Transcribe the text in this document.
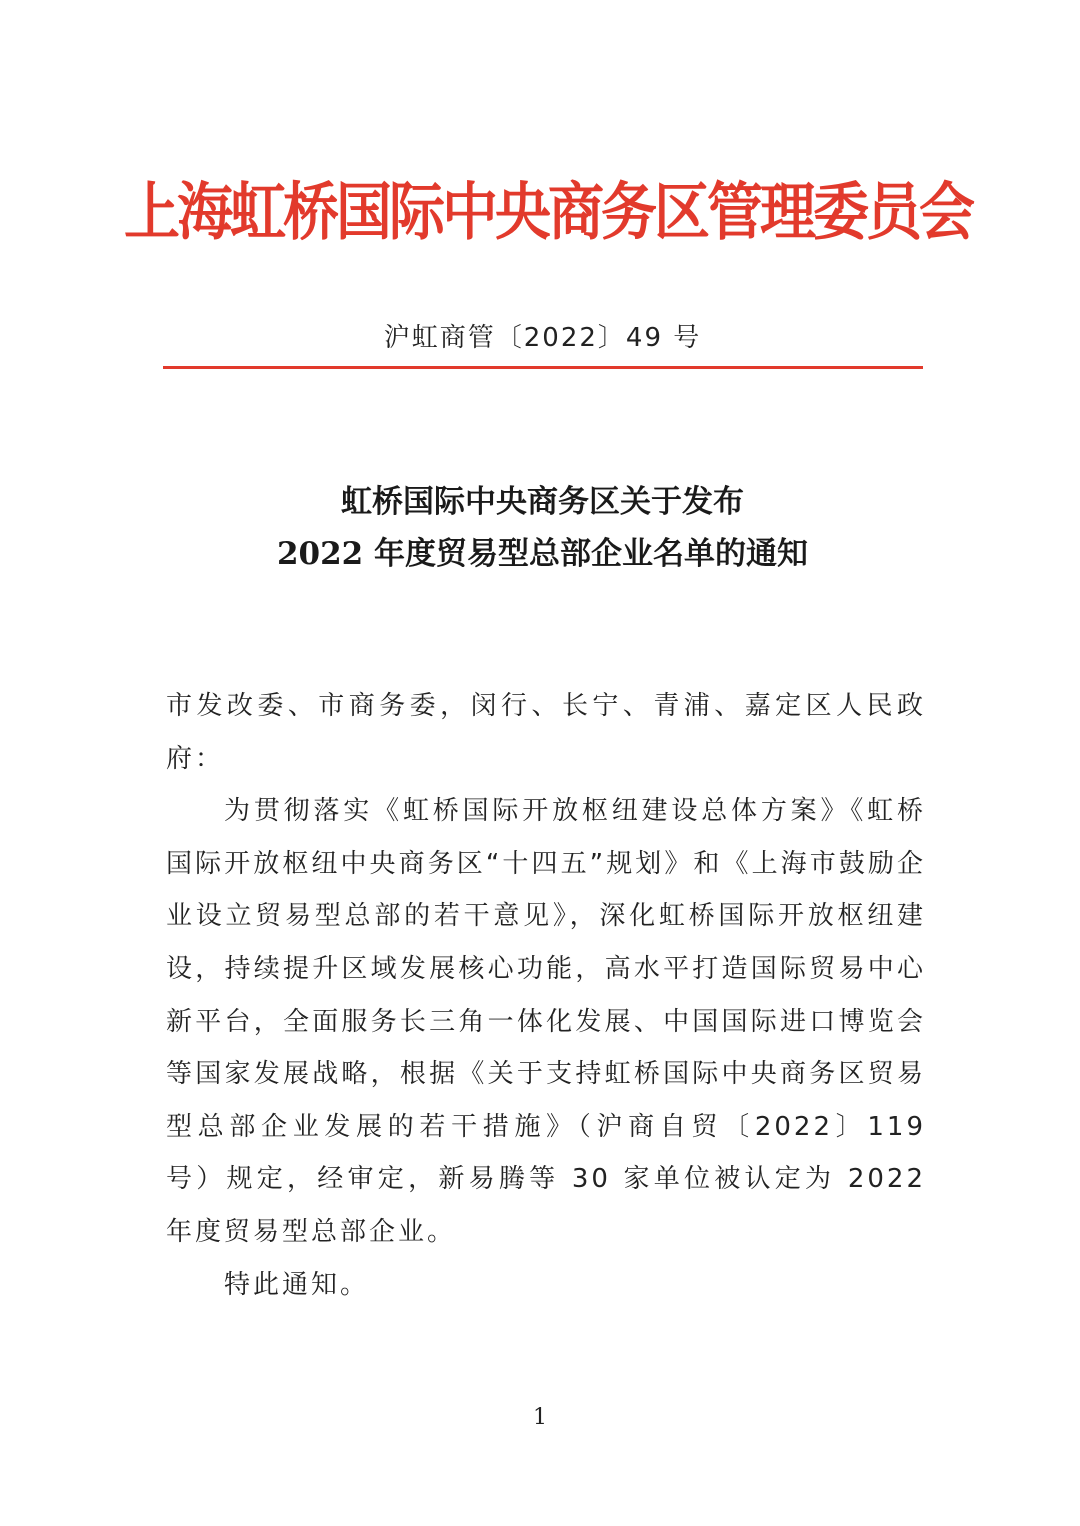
上海虹桥国际中央商务区管理委员会
沪虹商管〔2022〕49 号
虹桥国际中央商务区关于发布
2022 年度贸易型总部企业名单的通知

市发改委、市商务委，闵行、长宁、青浦、嘉定区人民政府：

为贯彻落实《虹桥国际开放枢纽建设总体方案》《虹桥国际开放枢纽中央商务区“十四五”规划》和《上海市鼓励企业设立贸易型总部的若干意见》，深化虹桥国际开放枢纽建设，持续提升区域发展核心功能，高水平打造国际贸易中心新平台，全面服务长三角一体化发展、中国国际进口博览会等国家发展战略，根据《关于支持虹桥国际中央商务区贸易型总部企业发展的若干措施》（沪商自贸〔2022〕119 号）规定，经审定，新易腾等 30 家单位被认定为 2022 年度贸易型总部企业。

特此通知。

1
